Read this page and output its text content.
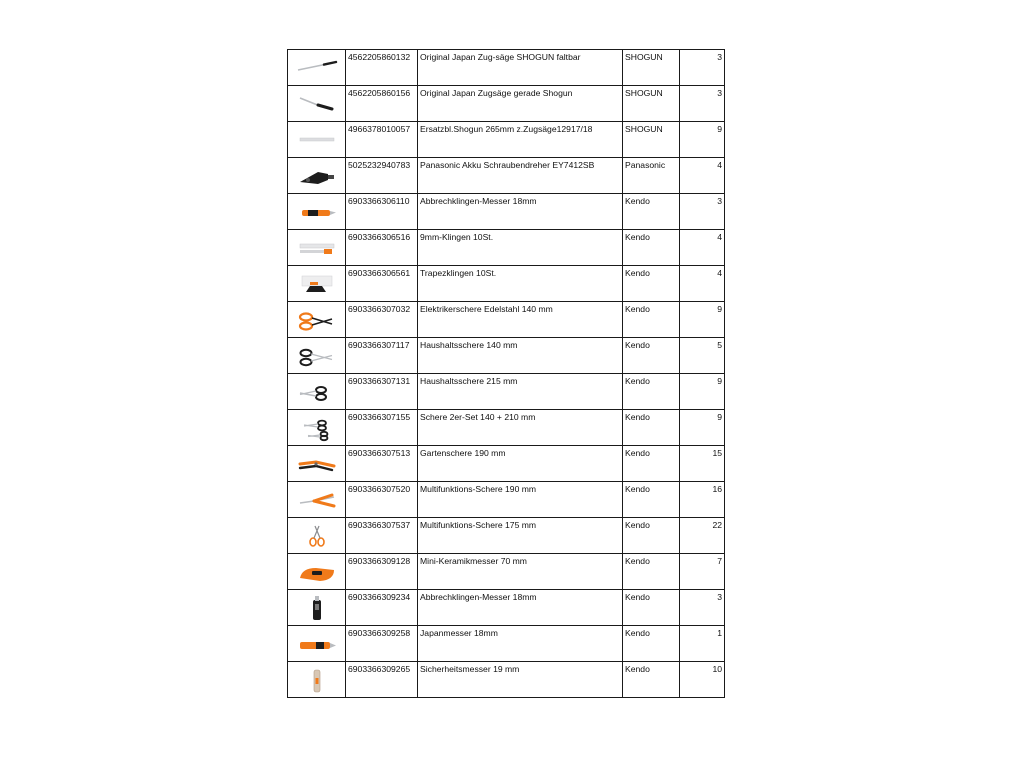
	4562205860132	Original Japan Zug-säge SHOGUN faltbar	SHOGUN	3

	4562205860156	Original Japan Zugsäge gerade Shogun	SHOGUN	3

	4966378010057	Ersatzbl.Shogun 265mm z.Zugsäge12917/18	SHOGUN	9

	5025232940783	Panasonic Akku Schraubendreher EY7412SB	Panasonic	4

	6903366306110	Abbrechklingen-Messer 18mm	Kendo	3

	6903366306516	9mm-Klingen 10St.	Kendo	4

	6903366306561	Trapezklingen 10St.	Kendo	4

	6903366307032	Elektrikerschere Edelstahl 140 mm	Kendo	9

	6903366307117	Haushaltsschere 140 mm	Kendo	5

	6903366307131	Haushaltsschere 215 mm	Kendo	9

	6903366307155	Schere 2er-Set 140 + 210 mm	Kendo	9

	6903366307513	Gartenschere 190 mm	Kendo	15

	6903366307520	Multifunktions-Schere 190 mm	Kendo	16

	6903366307537	Multifunktions-Schere 175 mm	Kendo	22

	6903366309128	Mini-Keramikmesser 70 mm	Kendo	7

	6903366309234	Abbrechklingen-Messer 18mm	Kendo	3

	6903366309258	Japanmesser 18mm	Kendo	1

	6903366309265	Sicherheitsmesser 19 mm	Kendo	10
